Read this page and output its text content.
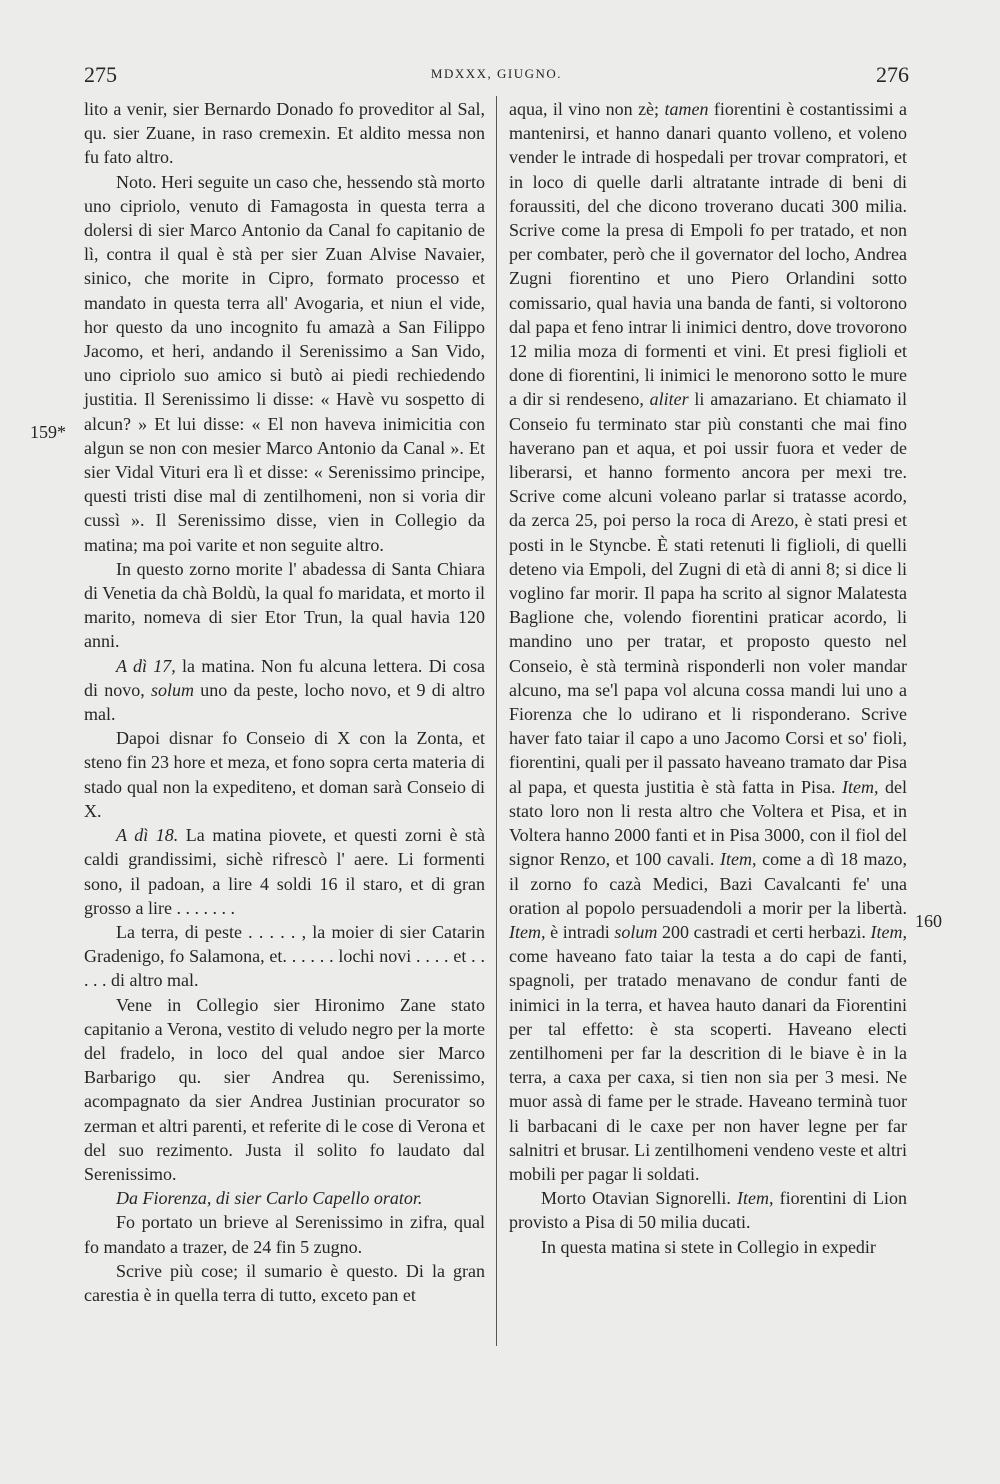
275	MDXXX, GIUGNO.	276
159*
160

lito a venir, sier Bernardo Donado fo proveditor al Sal, qu. sier Zuane, in raso cremexin. Et aldito messa non fu fato altro.

Noto. Heri seguite un caso che, hessendo stà morto uno cipriolo, venuto di Famagosta in questa terra a dolersi di sier Marco Antonio da Canal fo capitanio de lì, contra il qual è stà per sier Zuan Alvise Navaier, sinico, che morite in Cipro, formato processo et mandato in questa terra all' Avogaria, et niun el vide, hor questo da uno incognito fu amazà a San Filippo Jacomo, et heri, andando il Serenissimo a San Vido, uno cipriolo suo amico si butò ai piedi rechiedendo justitia. Il Serenissimo li disse: « Havè vu sospetto di alcun? » Et lui disse: « El non haveva inimicitia con algun se non con mesier Marco Antonio da Canal ». Et sier Vidal Vituri era lì et disse: « Serenissimo principe, questi tristi dise mal di zentilhomeni, non si voria dir cussì ». Il Serenissimo disse, vien in Collegio da matina; ma poi varite et non seguite altro.

In questo zorno morite l' abadessa di Santa Chiara di Venetia da chà Boldù, la qual fo maridata, et morto il marito, nomeva di sier Etor Trun, la qual havia 120 anni.

A dì 17, la matina. Non fu alcuna lettera. Di cosa di novo, solum uno da peste, locho novo, et 9 di altro mal.

Dapoi disnar fo Conseio di X con la Zonta, et steno fin 23 hore et meza, et fono sopra certa materia di stado qual non la expediteno, et doman sarà Conseio di X.

A dì 18. La matina piovete, et questi zorni è stà caldi grandissimi, sichè rifrescò l' aere. Li formenti sono, il padoan, a lire 4 soldi 16 il staro, et di gran grosso a lire . . . . . . .

La terra, di peste . . . . . , la moier di sier Catarin Gradenigo, fo Salamona, et. . . . . . lochi novi . . . . et . . . . . di altro mal.

Vene in Collegio sier Hironimo Zane stato capitanio a Verona, vestito di veludo negro per la morte del fradelo, in loco del qual andoe sier Marco Barbarigo qu. sier Andrea qu. Serenissimo, acompagnato da sier Andrea Justinian procurator so zerman et altri parenti, et referite di le cose di Verona et del suo rezimento. Justa il solito fo laudato dal Serenissimo.

Da Fiorenza, di sier Carlo Capello orator.

Fo portato un brieve al Serenissimo in zifra, qual fo mandato a trazer, de 24 fin 5 zugno.

Scrive più cose; il sumario è questo. Di la gran carestia è in quella terra di tutto, exceto pan et

aqua, il vino non zè; tamen fiorentini è costantissimi a mantenirsi, et hanno danari quanto volleno, et voleno vender le intrade di hospedali per trovar compratori, et in loco di quelle darli altratante intrade di beni di foraussiti, del che dicono troverano ducati 300 milia. Scrive come la presa di Empoli fo per tratado, et non per combater, però che il governator del locho, Andrea Zugni fiorentino et uno Piero Orlandini sotto comissario, qual havia una banda de fanti, si voltorono dal papa et feno intrar li inimici dentro, dove trovorono 12 milia moza di formenti et vini. Et presi figlioli et done di fiorentini, li inimici le menorono sotto le mure a dir si rendeseno, aliter li amazariano. Et chiamato il Conseio fu terminato star più constanti che mai fino haverano pan et aqua, et poi ussir fuora et veder de liberarsi, et hanno formento ancora per mexi tre. Scrive come alcuni voleano parlar si tratasse acordo, da zerca 25, poi perso la roca di Arezo, è stati presi et posti in le Styncbe. È stati retenuti li figlioli, di quelli deteno via Empoli, del Zugni di età di anni 8; si dice li voglino far morir. Il papa ha scrito al signor Malatesta Baglione che, volendo fiorentini praticar acordo, li mandino uno per tratar, et proposto questo nel Conseio, è stà terminà risponderli non voler mandar alcuno, ma se'l papa vol alcuna cossa mandi lui uno a Fiorenza che lo udirano et li risponderano. Scrive haver fato taiar il capo a uno Jacomo Corsi et so' fioli, fiorentini, quali per il passato haveano tramato dar Pisa al papa, et questa justitia è stà fatta in Pisa. Item, del stato loro non li resta altro che Voltera et Pisa, et in Voltera hanno 2000 fanti et in Pisa 3000, con il fiol del signor Renzo, et 100 cavali. Item, come a dì 18 mazo, il zorno fo cazà Medici, Bazi Cavalcanti fe' una oration al popolo persuadendoli a morir per la libertà. Item, è intradi solum 200 castradi et certi herbazi. Item, come haveano fato taiar la testa a do capi de fanti, spagnoli, per tratado menavano de condur fanti de inimici in la terra, et havea hauto danari da Fiorentini per tal effetto: è sta scoperti. Haveano electi zentilhomeni per far la descrition di le biave è in la terra, a caxa per caxa, si tien non sia per 3 mesi. Ne muor assà di fame per le strade. Haveano terminà tuor li barbacani di le caxe per non haver legne per far salnitri et brusar. Li zentilhomeni vendeno veste et altri mobili per pagar li soldati.

Morto Otavian Signorelli. Item, fiorentini di Lion provisto a Pisa di 50 milia ducati.

In questa matina si stete in Collegio in expedir
